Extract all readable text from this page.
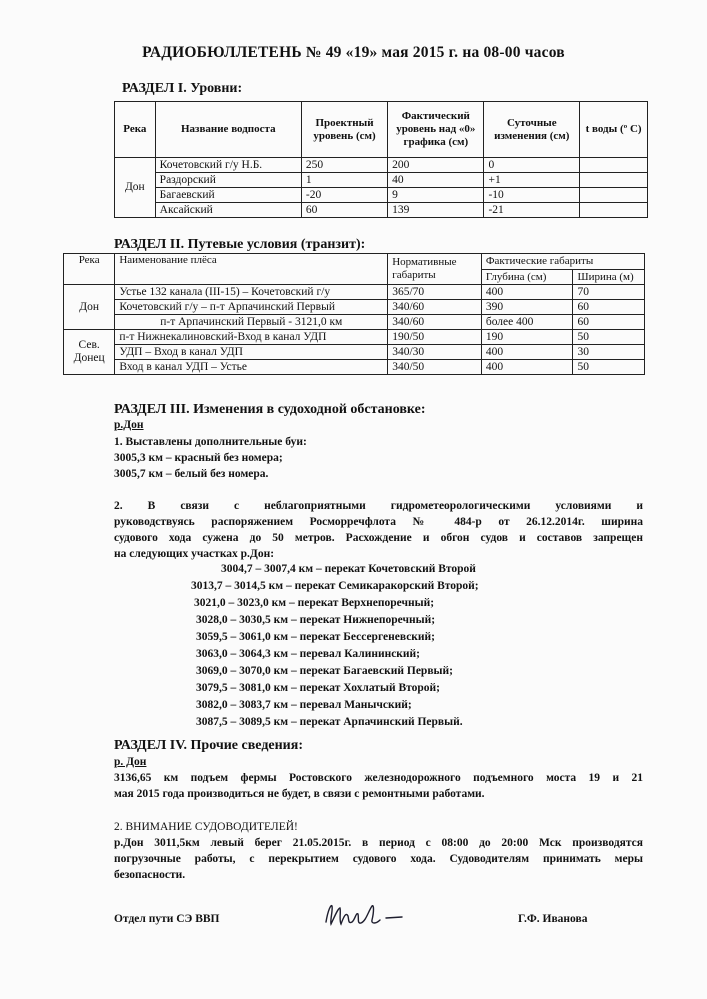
РАДИОБЮЛЛЕТЕНЬ № 49 «19» мая 2015 г. на 08-00 часов
РАЗДЕЛ I. Уровни:
Река	Название водпоста	Проектный уровень (см)	Фактический уровень над «0» графика (см)	Суточные изменения (см)	t воды (º C)
Дон	Кочетовский г/у Н.Б.	250	200	0	
	Раздорский	1	40	+1	
	Багаевский	-20	9	-10	
	Аксайский	60	139	-21	
РАЗДЕЛ II. Путевые условия (транзит):
Река	Наименование плёса	Нормативные габариты	Фактические габариты	
			Глубина (см)	Ширина (м)
Дон	Устье 132 канала (III-15) – Кочетовский г/у	365/70	400	70
	Кочетовский г/у – п-т Арпачинский Первый	340/60	390	60
	п-т Арпачинский Первый - 3121,0 км	340/60	более 400	60
Сев. Донец	п-т Нижнекалиновский-Вход в канал УДП	190/50	190	50
	УДП – Вход в канал УДП	340/30	400	30
	Вход в канал УДП – Устье	340/50	400	50
РАЗДЕЛ III. Изменения в судоходной обстановке:
р.Дон
1. Выставлены дополнительные буи:
3005,3 км – красный без номера;
3005,7 км – белый без номера.
2. В связи с неблагоприятными гидрометеорологическими условиями и
руководствуясь распоряжением Росморречфлота № 484-р от 26.12.2014г. ширина
судового хода сужена до 50 метров. Расхождение и обгон судов и составов запрещен
на следующих участках р.Дон:
3004,7 – 3007,4 км – перекат Кочетовский Второй
3013,7 – 3014,5 км – перекат Семикаракорский Второй;
3021,0 – 3023,0 км – перекат Верхнепоречный;
3028,0 – 3030,5 км – перекат Нижнепоречный;
3059,5 – 3061,0 км – перекат Бессергеневский;
3063,0 – 3064,3 км – перевал Калининский;
3069,0 – 3070,0 км – перекат Багаевский Первый;
3079,5 – 3081,0 км – перекат Хохлатый Второй;
3082,0 – 3083,7 км – перевал Манычский;
3087,5 – 3089,5 км – перекат Арпачинский Первый.
РАЗДЕЛ IV. Прочие сведения:
р. Дон
3136,65 км подъем фермы Ростовского железнодорожного подъемного моста 19 и 21
мая 2015 года производиться не будет, в связи с ремонтными работами.
2. ВНИМАНИЕ СУДОВОДИТЕЛЕЙ!
р.Дон 3011,5км левый берег 21.05.2015г. в период с 08:00 до 20:00 Мск производятся
погрузочные работы, с перекрытием судового хода. Судоводителям принимать меры
безопасности.
Отдел пути СЭ ВВП	Г.Ф. Иванова
